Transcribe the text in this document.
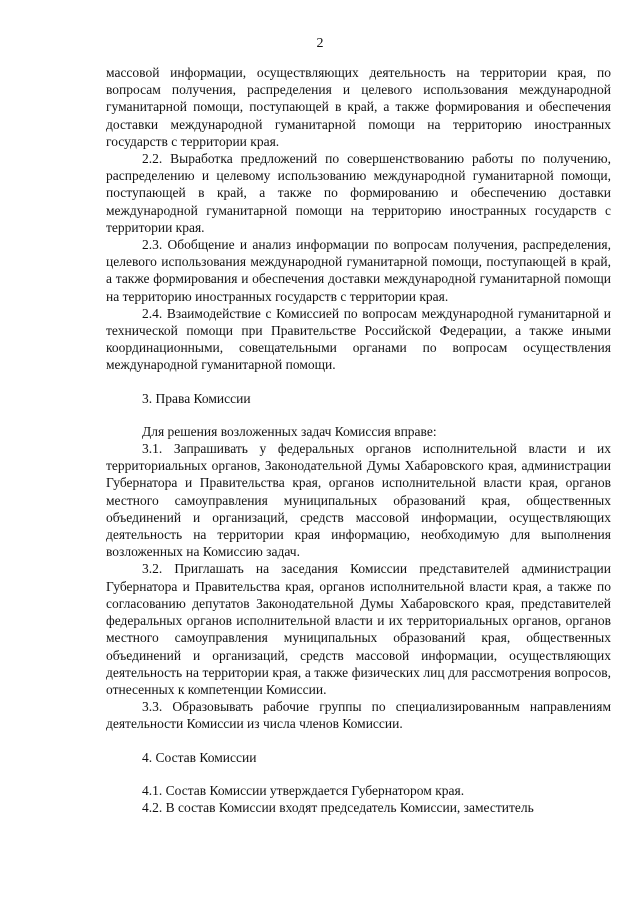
2

массовой информации, осуществляющих деятельность на территории края, по вопросам получения, распределения и целевого использования международной гуманитарной помощи, поступающей в край, а также формирования и обеспечения доставки международной гуманитарной помощи на территорию иностранных государств с территории края.

2.2. Выработка предложений по совершенствованию работы по получению, распределению и целевому использованию международной гуманитарной помощи, поступающей в край, а также по формированию и обеспечению доставки международной гуманитарной помощи на территорию иностранных государств с территории края.

2.3. Обобщение и анализ информации по вопросам получения, распределения, целевого использования международной гуманитарной помощи, поступающей в край, а также формирования и обеспечения доставки международной гуманитарной помощи на территорию иностранных государств с территории края.

2.4. Взаимодействие с Комиссией по вопросам международной гуманитарной и технической помощи при Правительстве Российской Федерации, а также иными координационными, совещательными органами по вопросам осуществления международной гуманитарной помощи.

3. Права Комиссии

Для решения возложенных задач Комиссия вправе:

3.1. Запрашивать у федеральных органов исполнительной власти и их территориальных органов, Законодательной Думы Хабаровского края, администрации Губернатора и Правительства края, органов исполнительной власти края, органов местного самоуправления муниципальных образований края, общественных объединений и организаций, средств массовой информации, осуществляющих деятельность на территории края информацию, необходимую для выполнения возложенных на Комиссию задач.

3.2. Приглашать на заседания Комиссии представителей администрации Губернатора и Правительства края, органов исполнительной власти края, а также по согласованию депутатов Законодательной Думы Хабаровского края, представителей федеральных органов исполнительной власти и их территориальных органов, органов местного самоуправления муниципальных образований края, общественных объединений и организаций, средств массовой информации, осуществляющих деятельность на территории края, а также физических лиц для рассмотрения вопросов, отнесенных к компетенции Комиссии.

3.3. Образовывать рабочие группы по специализированным направлениям деятельности Комиссии из числа членов Комиссии.

4. Состав Комиссии

4.1. Состав Комиссии утверждается Губернатором края.

4.2. В состав Комиссии входят председатель Комиссии, заместитель
